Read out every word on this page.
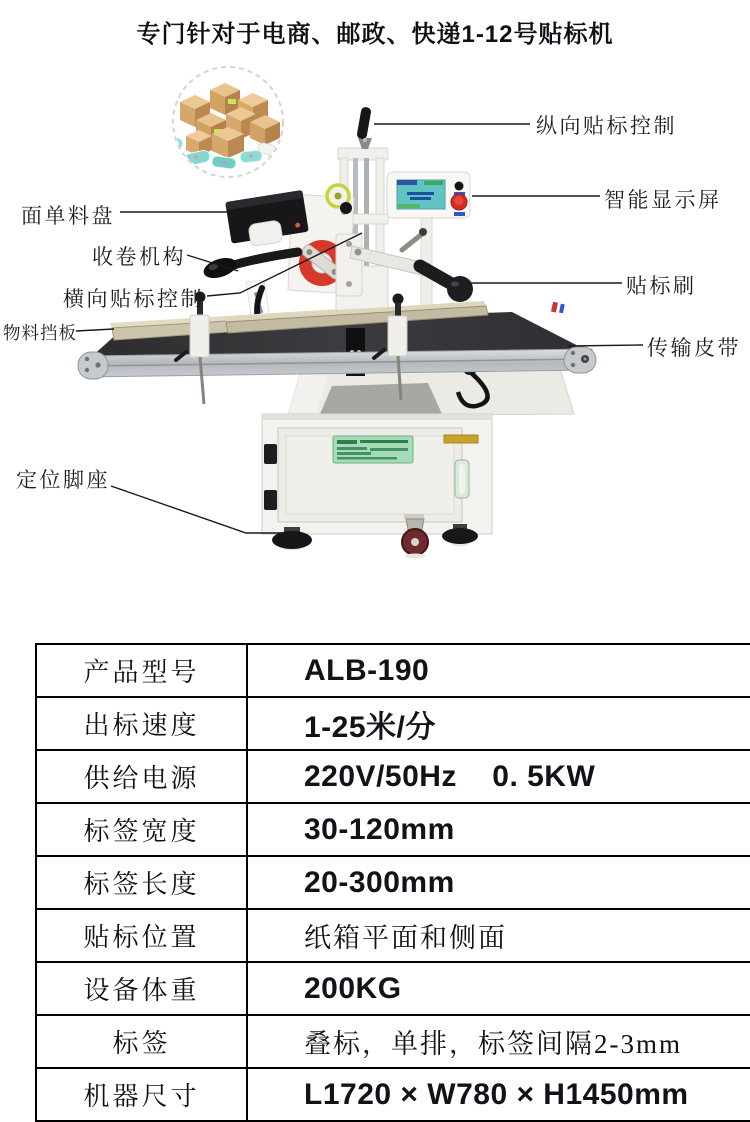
专门针对于电商、邮政、快递1-12号贴标机
纵向贴标控制
智能显示屏
贴标刷
传输皮带
面单料盘
收卷机构
横向贴标控制
物料挡板
定位脚座
产品型号	ALB-190
出标速度	1-25米/分
供给电源	220V/50Hz    0. 5KW
标签宽度	30-120mm
标签长度	20-300mm
贴标位置	纸箱平面和侧面
设备体重	200KG
标签	叠标，单排，标签间隔2-3mm
机器尺寸	L1720 × W780 × H1450mm
